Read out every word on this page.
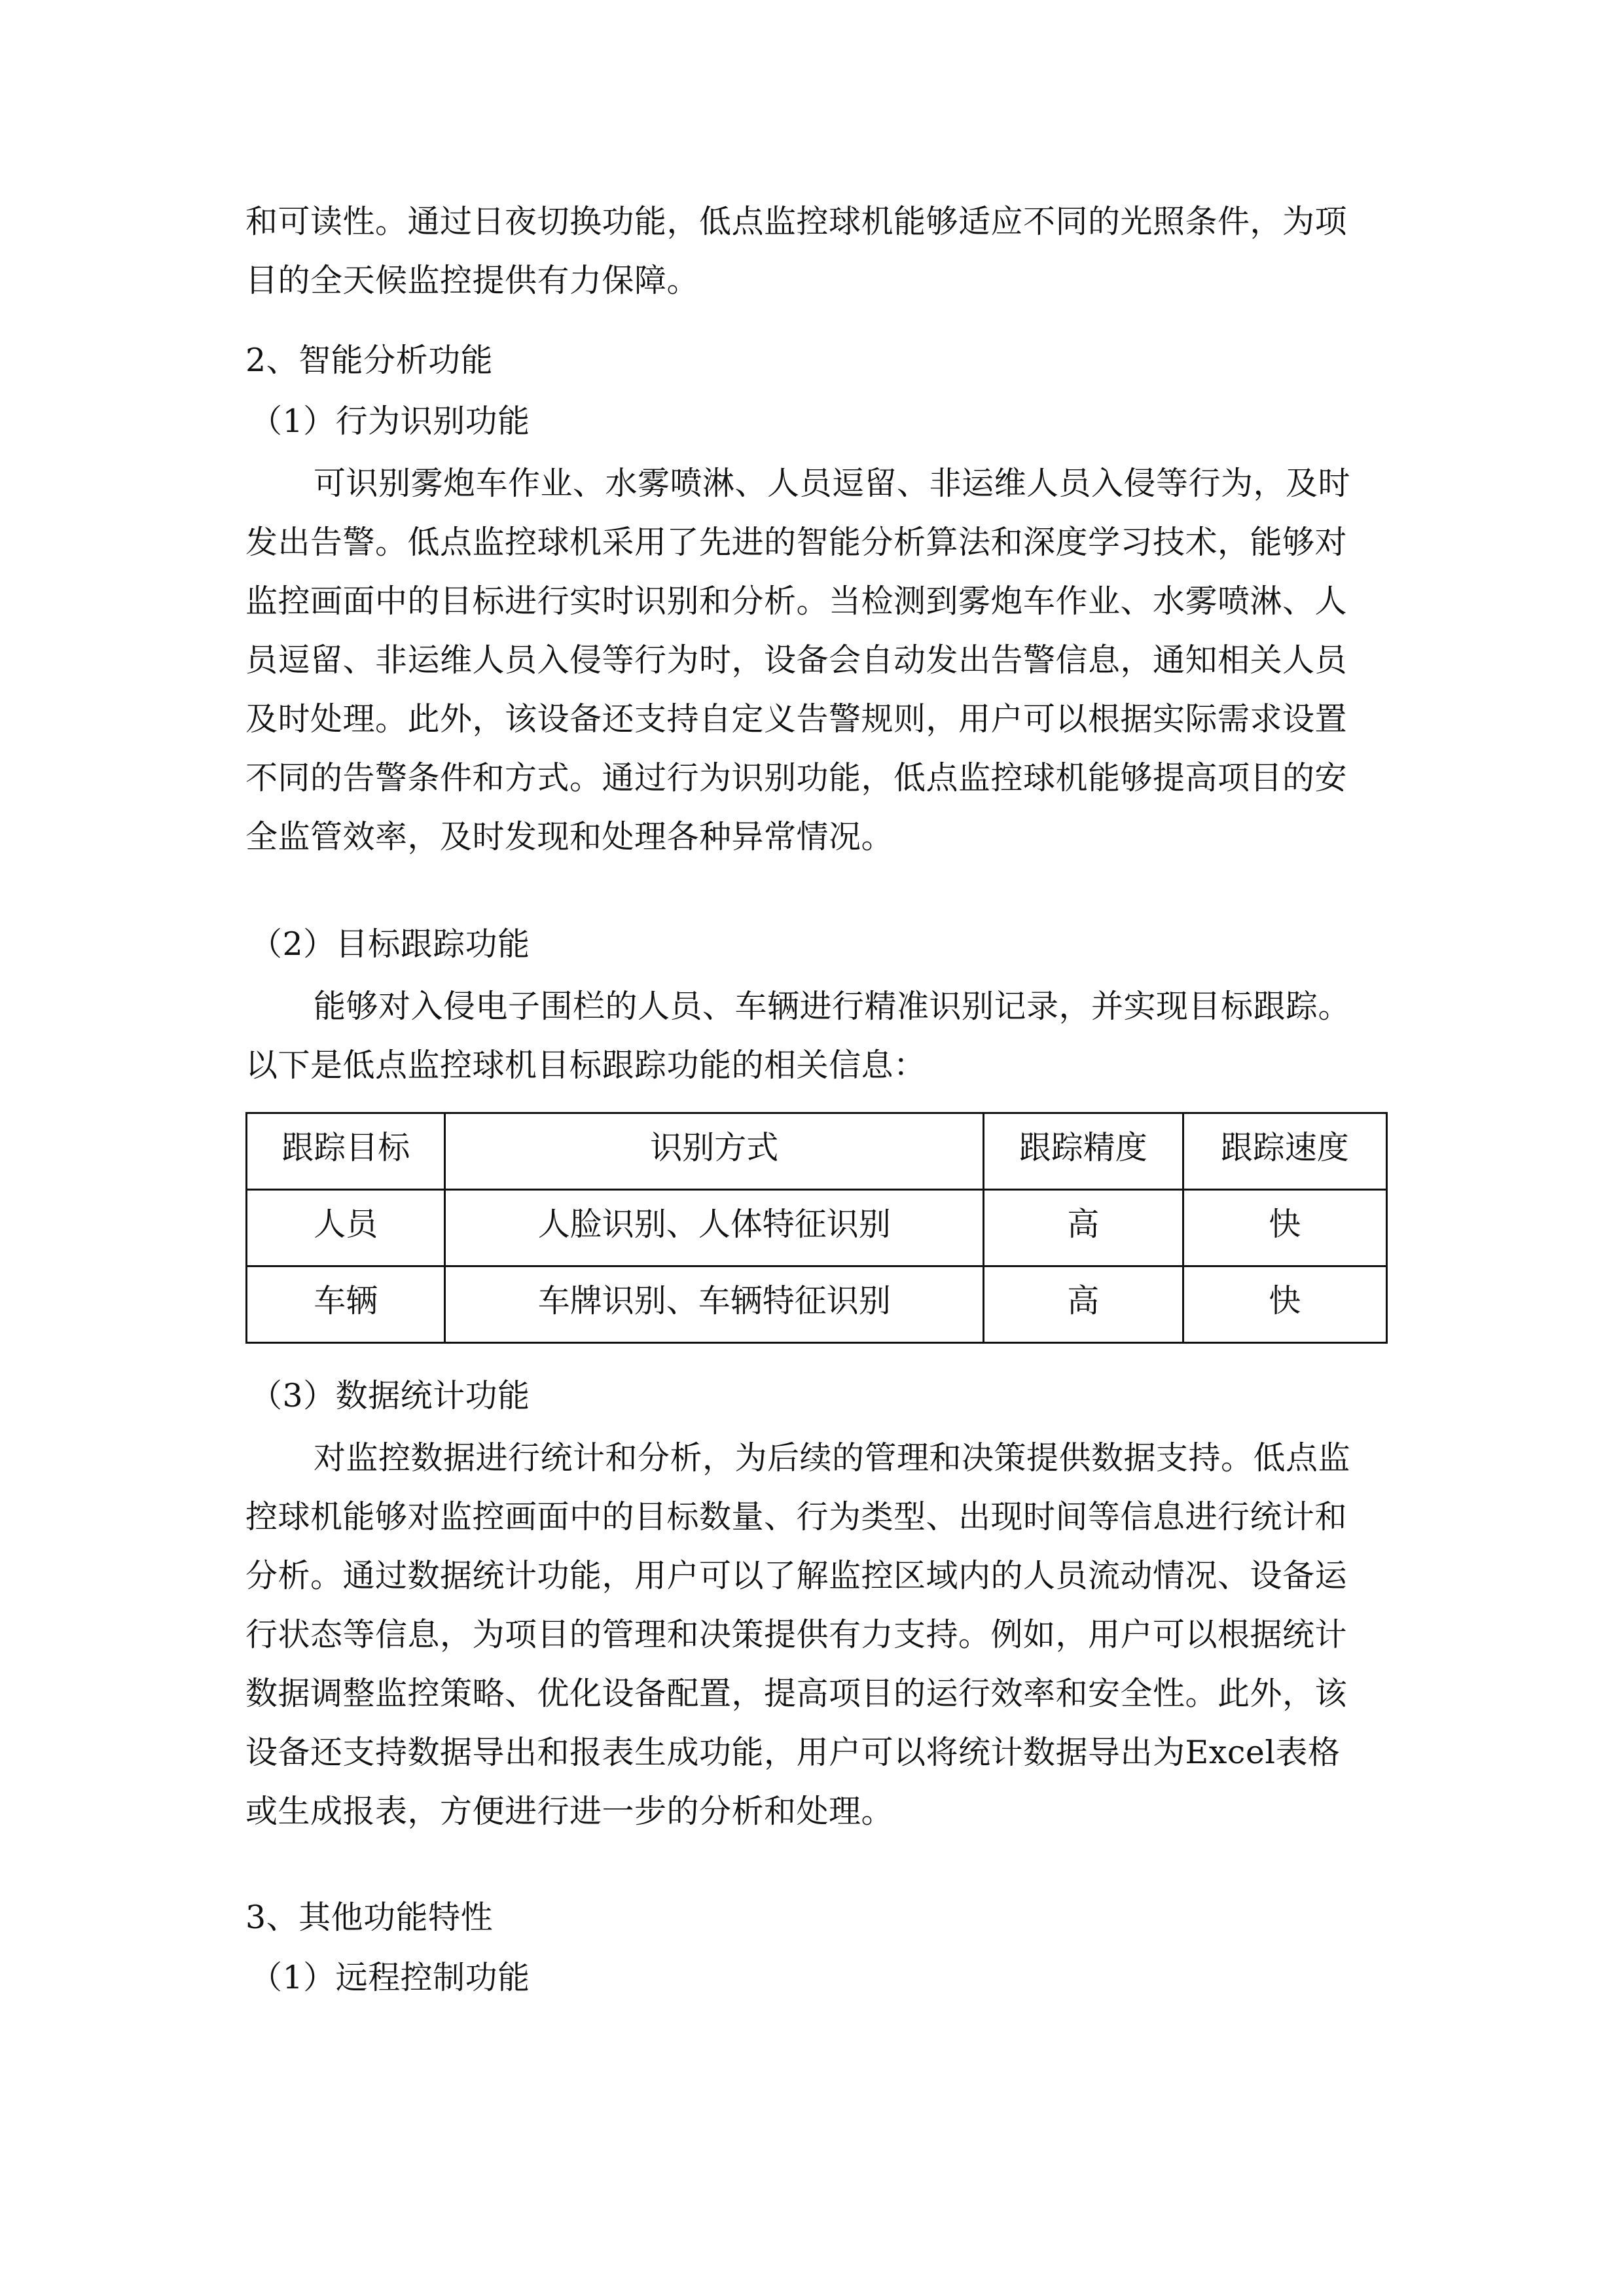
和可读性。通过日夜切换功能，低点监控球机能够适应不同的光照条件，为项
目的全天候监控提供有力保障。
2、智能分析功能
（1）行为识别功能
可识别雾炮车作业、水雾喷淋、人员逗留、非运维人员入侵等行为，及时
发出告警。低点监控球机采用了先进的智能分析算法和深度学习技术，能够对
监控画面中的目标进行实时识别和分析。当检测到雾炮车作业、水雾喷淋、人
员逗留、非运维人员入侵等行为时，设备会自动发出告警信息，通知相关人员
及时处理。此外，该设备还支持自定义告警规则，用户可以根据实际需求设置
不同的告警条件和方式。通过行为识别功能，低点监控球机能够提高项目的安
全监管效率，及时发现和处理各种异常情况。
（2）目标跟踪功能
能够对入侵电子围栏的人员、车辆进行精准识别记录，并实现目标跟踪。
以下是低点监控球机目标跟踪功能的相关信息：
跟踪目标	识别方式	跟踪精度	跟踪速度
人员	人脸识别、人体特征识别	高	快
车辆	车牌识别、车辆特征识别	高	快
（3）数据统计功能
对监控数据进行统计和分析，为后续的管理和决策提供数据支持。低点监
控球机能够对监控画面中的目标数量、行为类型、出现时间等信息进行统计和
分析。通过数据统计功能，用户可以了解监控区域内的人员流动情况、设备运
行状态等信息，为项目的管理和决策提供有力支持。例如，用户可以根据统计
数据调整监控策略、优化设备配置，提高项目的运行效率和安全性。此外，该
设备还支持数据导出和报表生成功能，用户可以将统计数据导出为Excel表格
或生成报表，方便进行进一步的分析和处理。
3、其他功能特性
（1）远程控制功能
